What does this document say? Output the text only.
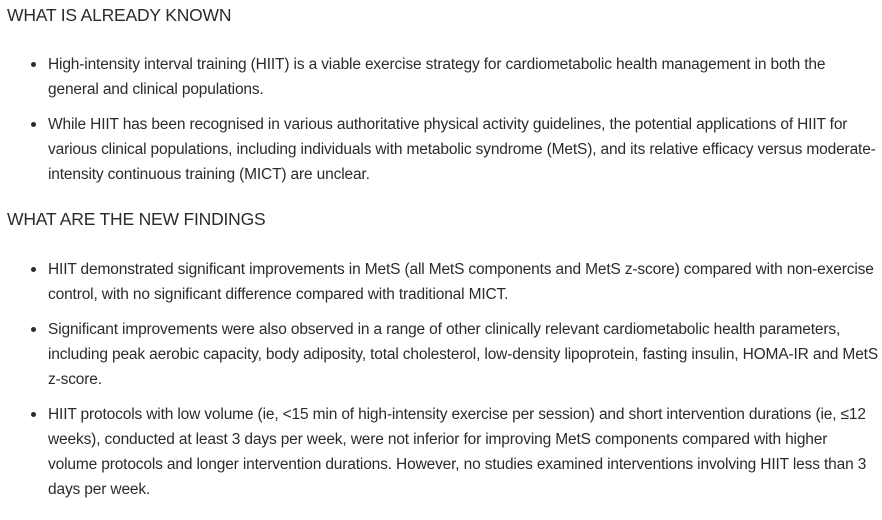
WHAT IS ALREADY KNOWN
High-intensity interval training (HIIT) is a viable exercise strategy for cardiometabolic health management in both the general and clinical populations.
While HIIT has been recognised in various authoritative physical activity guidelines, the potential applications of HIIT for various clinical populations, including individuals with metabolic syndrome (MetS), and its relative efficacy versus moderate-intensity continuous training (MICT) are unclear.
WHAT ARE THE NEW FINDINGS
HIIT demonstrated significant improvements in MetS (all MetS components and MetS z-score) compared with non-exercise control, with no significant difference compared with traditional MICT.
Significant improvements were also observed in a range of other clinically relevant cardiometabolic health parameters, including peak aerobic capacity, body adiposity, total cholesterol, low-density lipoprotein, fasting insulin, HOMA-IR and MetS z-score.
HIIT protocols with low volume (ie, <15 min of high-intensity exercise per session) and short intervention durations (ie, ≤12 weeks), conducted at least 3 days per week, were not inferior for improving MetS components compared with higher volume protocols and longer intervention durations. However, no studies examined interventions involving HIIT less than 3 days per week.
